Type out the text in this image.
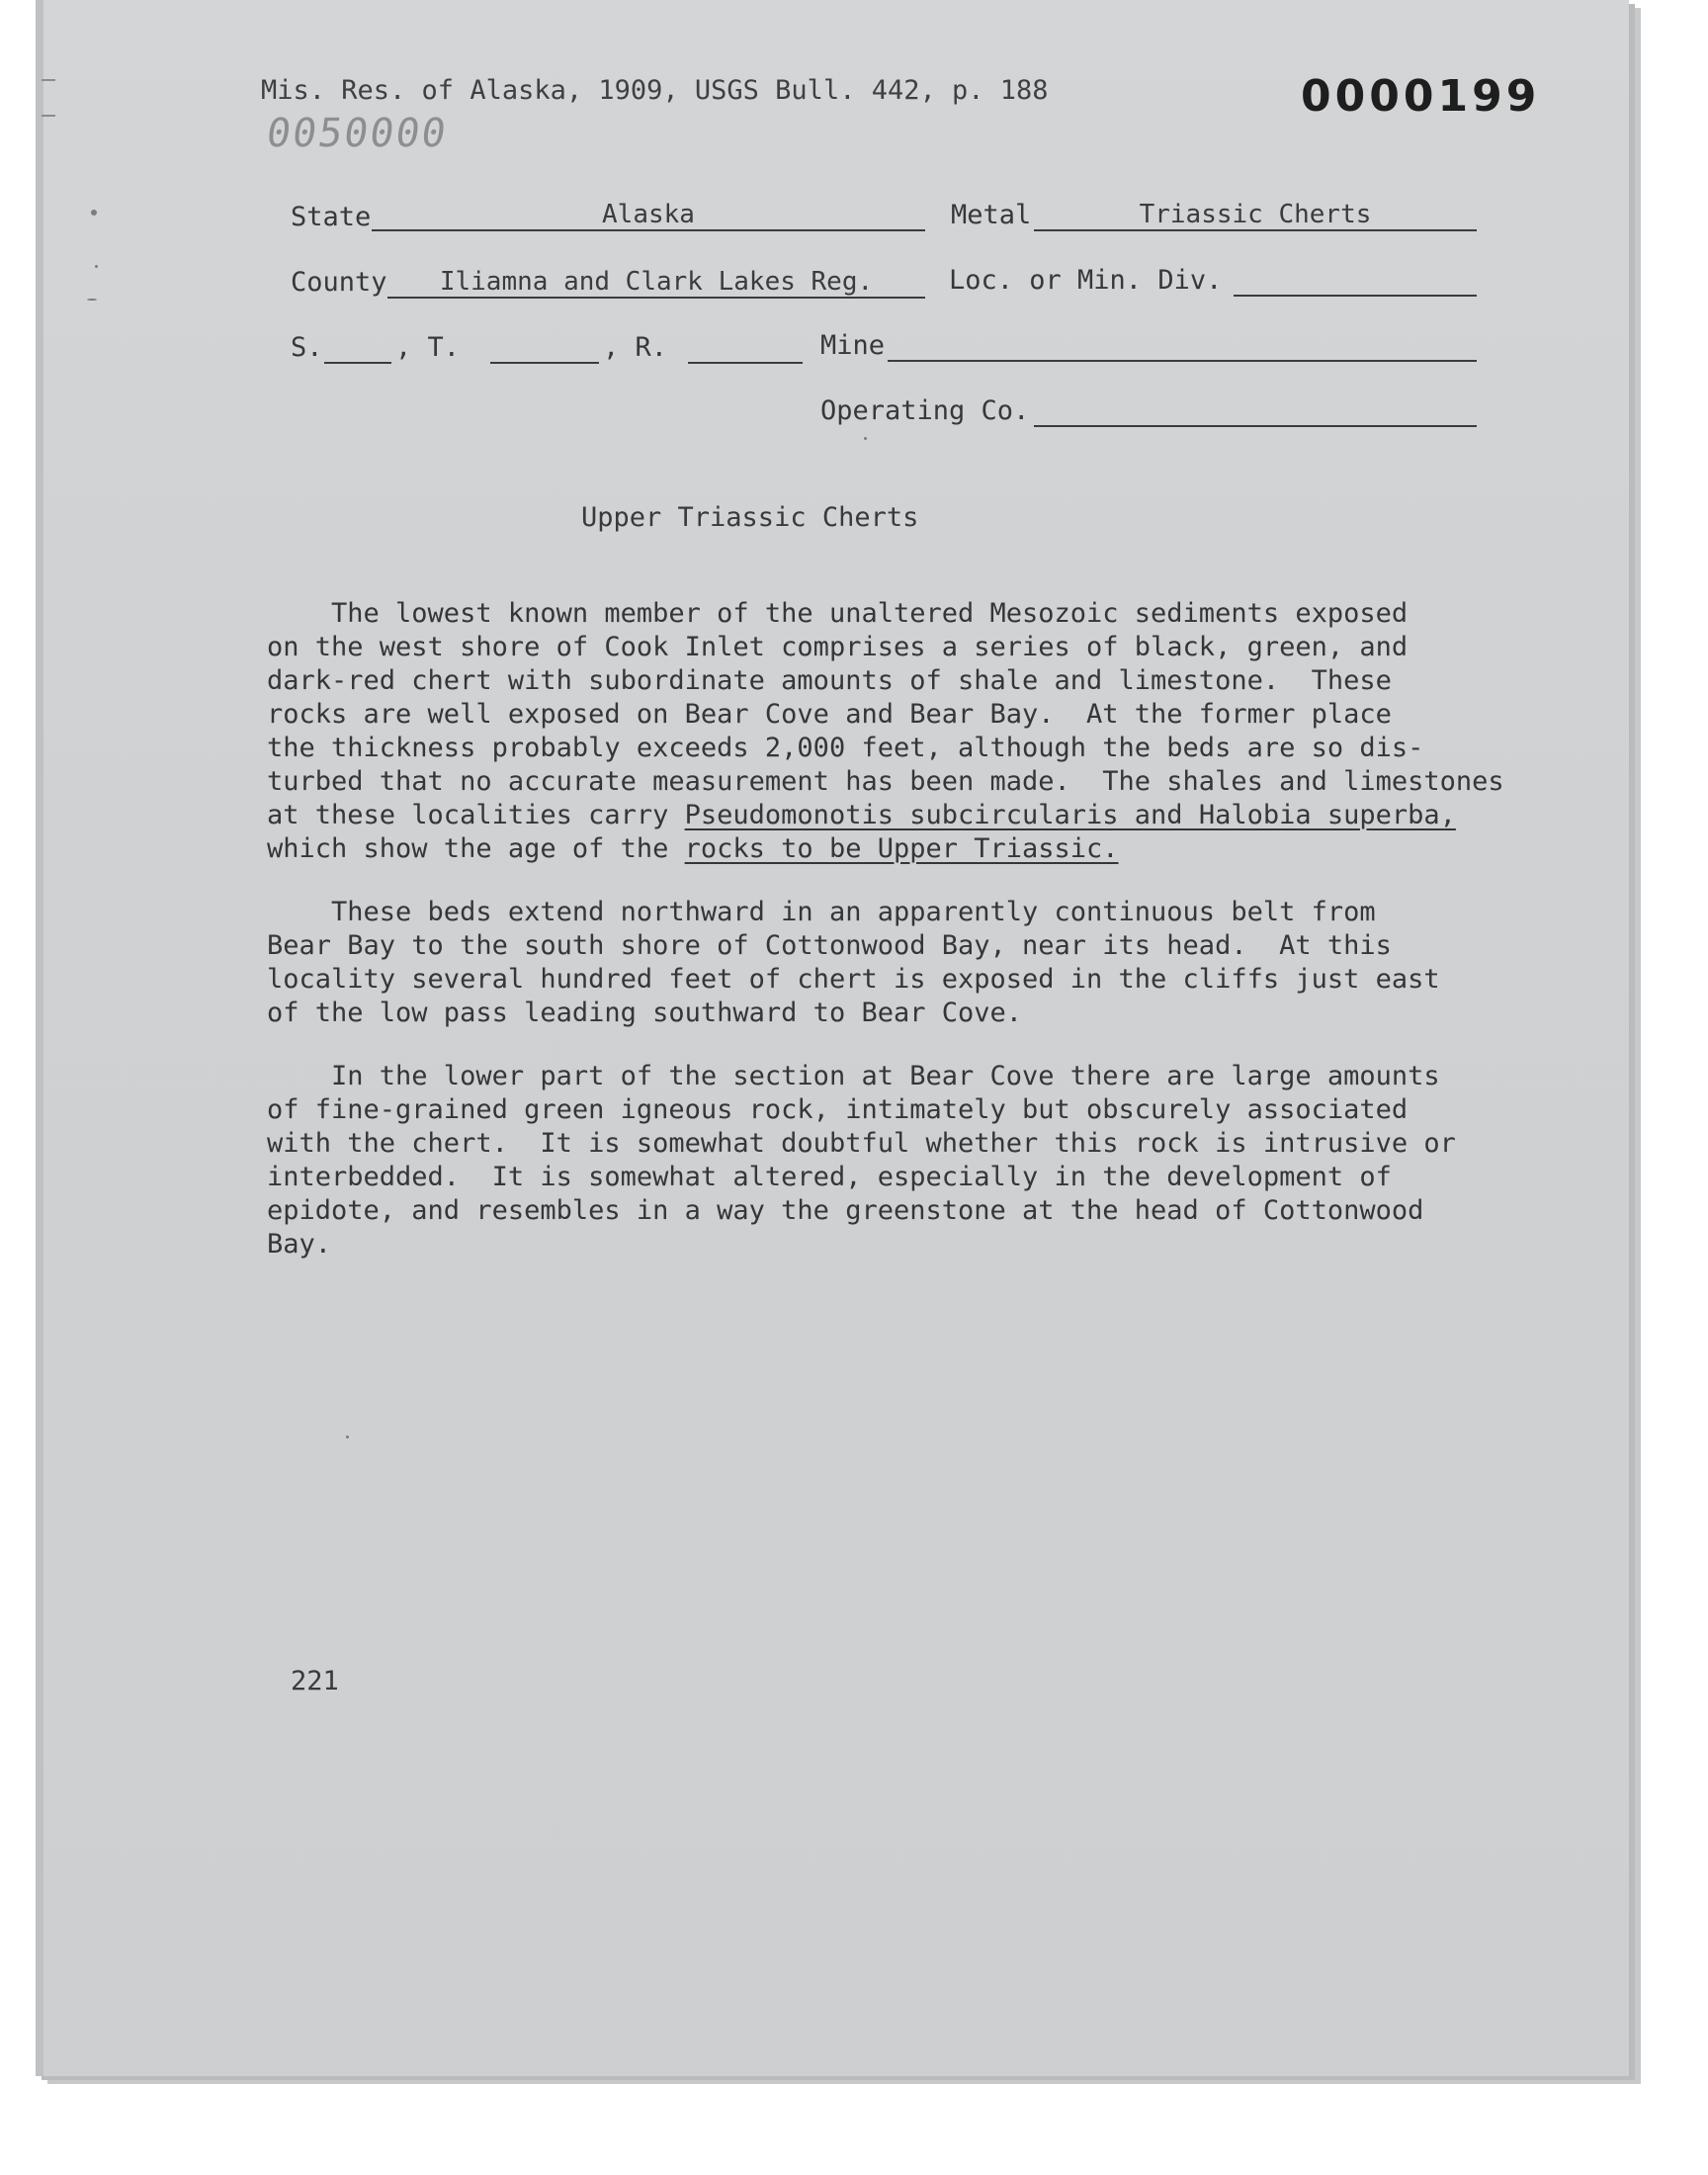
Mis. Res. of Alaska, 1909, USGS Bull. 442, p. 188
0050000
0000199
State	Alaska	Metal	Triassic Cherts
County	Iliamna and Clark Lakes Reg.	Loc. or Min. Div.
S.	, T.	, R.	Mine
Operating Co.
Upper Triassic Cherts
The lowest known member of the unaltered Mesozoic sediments exposed
on the west shore of Cook Inlet comprises a series of black, green, and
dark-red chert with subordinate amounts of shale and limestone.  These
rocks are well exposed on Bear Cove and Bear Bay.  At the former place
the thickness probably exceeds 2,000 feet, although the beds are so dis-
turbed that no accurate measurement has been made.  The shales and limestones
at these localities carry Pseudomonotis subcircularis and Halobia superba,
which show the age of the rocks to be Upper Triassic.
These beds extend northward in an apparently continuous belt from
Bear Bay to the south shore of Cottonwood Bay, near its head.  At this
locality several hundred feet of chert is exposed in the cliffs just east
of the low pass leading southward to Bear Cove.
In the lower part of the section at Bear Cove there are large amounts
of fine-grained green igneous rock, intimately but obscurely associated
with the chert.  It is somewhat doubtful whether this rock is intrusive or
interbedded.  It is somewhat altered, especially in the development of
epidote, and resembles in a way the greenstone at the head of Cottonwood
Bay.
221
